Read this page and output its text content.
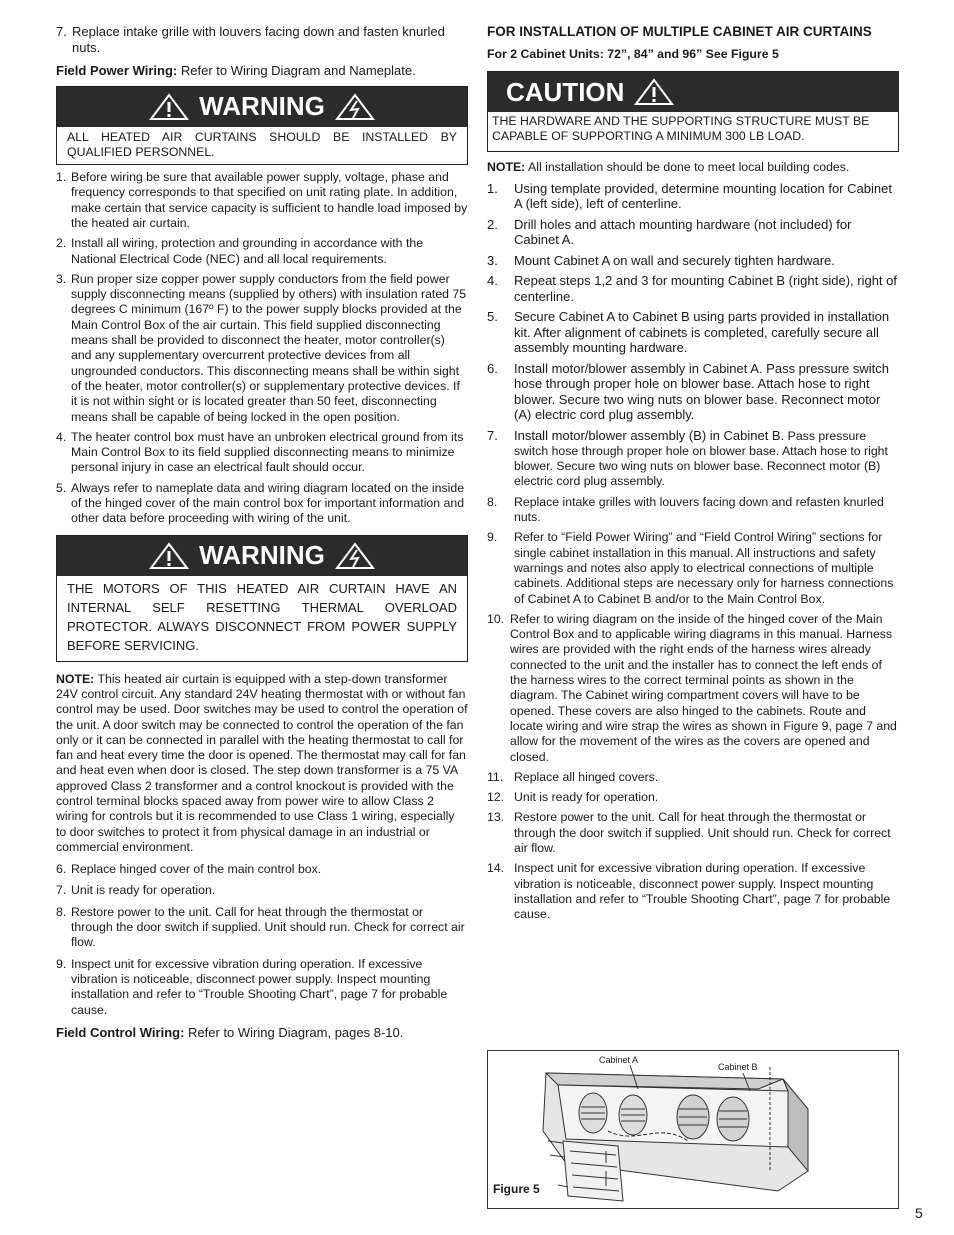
7. Replace intake grille with louvers facing down and fasten knurled nuts.

Field Power Wiring: Refer to Wiring Diagram and Nameplate.

WARNING

ALL HEATED AIR CURTAINS SHOULD BE INSTALLED BY QUALIFIED PERSONNEL.

1. Before wiring be sure that available power supply, voltage, phase and frequency corresponds to that specified on unit rating plate. In addition, make certain that service capacity is sufficient to handle load imposed by the heated air curtain.
2. Install all wiring, protection and grounding in accordance with the National Electrical Code (NEC) and all local requirements.
3. Run proper size copper power supply conductors from the field power supply disconnecting means (supplied by others) with insulation rated 75 degrees C minimum (167º F) to the power supply blocks provided at the Main Control Box of the air curtain. This field supplied disconnecting means shall be provided to disconnect the heater, motor controller(s) and any supplementary overcurrent protective devices from all ungrounded conductors. This disconnecting means shall be within sight of the heater, motor controller(s) or supplementary protective devices. If it is not within sight or is located greater than 50 feet, disconnecting means shall be capable of being locked in the open position.
4. The heater control box must have an unbroken electrical ground from its Main Control Box to its field supplied disconnecting means to minimize personal injury in case an electrical fault should occur.
5. Always refer to nameplate data and wiring diagram located on the inside of the hinged cover of the main control box for important information and other data before proceeding with wiring of the unit.
WARNING

THE MOTORS OF THIS HEATED AIR CURTAIN HAVE AN INTERNAL SELF RESETTING THERMAL OVERLOAD PROTECTOR. ALWAYS DISCONNECT FROM POWER SUPPLY BEFORE SERVICING.

NOTE: This heated air curtain is equipped with a step-down transformer 24V control circuit. Any standard 24V heating thermostat with or without fan control may be used. Door switches may be used to control the operation of the unit. A door switch may be connected to control the operation of the fan only or it can be connected in parallel with the heating thermostat to call for fan and heat every time the door is opened. The thermostat may call for fan and heat even when door is closed. The step down transformer is a 75 VA approved Class 2 transformer and a control knockout is provided with the control terminal blocks spaced away from power wire to allow Class 2 wiring for controls but it is recommended to use Class 1 wiring, especially to door switches to protect it from physical damage in an industrial or commercial environment.

6. Replace hinged cover of the main control box.
7. Unit is ready for operation.
8. Restore power to the unit. Call for heat through the thermostat or through the door switch if supplied. Unit should run. Check for correct air flow.
9. Inspect unit for excessive vibration during operation. If excessive vibration is noticeable, disconnect power supply. Inspect mounting installation and refer to “Trouble Shooting Chart”, page 7 for probable cause.

Field Control Wiring: Refer to Wiring Diagram, pages 8-10.

FOR INSTALLATION OF MULTIPLE CABINET AIR CURTAINS

For 2 Cabinet Units: 72”, 84” and 96” See Figure 5

CAUTION

THE HARDWARE AND THE SUPPORTING STRUCTURE MUST BE CAPABLE OF SUPPORTING A MINIMUM 300 LB LOAD.

NOTE: All installation should be done to meet local building codes.

1. Using template provided, determine mounting location for Cabinet A (left side), left of centerline.
2. Drill holes and attach mounting hardware (not included) for Cabinet A.
3. Mount Cabinet A on wall and securely tighten hardware.
4. Repeat steps 1,2 and 3 for mounting Cabinet B (right side), right of centerline.
5. Secure Cabinet A to Cabinet B using parts provided in installation kit. After alignment of cabinets is completed, carefully secure all assembly mounting hardware.
6. Install motor/blower assembly in Cabinet A. Pass pressure switch hose through proper hole on blower base. Attach hose to right blower. Secure two wing nuts on blower base. Reconnect motor (A) electric cord plug assembly.
7. Install motor/blower assembly (B) in Cabinet B. Pass pressure switch hose through proper hole on blower base. Attach hose to right blower. Secure two wing nuts on blower base. Reconnect motor (B) electric cord plug assembly.
8. Replace intake grilles with louvers facing down and refasten knurled nuts.
9. Refer to “Field Power Wiring” and “Field Control Wiring” sections for single cabinet installation in this manual. All instructions and safety warnings and notes also apply to electrical connections of multiple cabinets. Additional steps are necessary only for harness connections of Cabinet A to Cabinet B and/or to the Main Control Box.
10. Refer to wiring diagram on the inside of the hinged cover of the Main Control Box and to applicable wiring diagrams in this manual. Harness wires are provided with the right ends of the harness wires already connected to the unit and the installer has to connect the left ends of the harness wires to the correct terminal points as shown in the diagram. The Cabinet wiring compartment covers will have to be opened. These covers are also hinged to the cabinets. Route and locate wiring and wire strap the wires as shown in Figure 9, page 7 and allow for the movement of the wires as the covers are opened and closed.
11. Replace all hinged covers.
12. Unit is ready for operation.
13. Restore power to the unit. Call for heat through the thermostat or through the door switch if supplied. Unit should run. Check for correct air flow.
14. Inspect unit for excessive vibration during operation. If excessive vibration is noticeable, disconnect power supply. Inspect mounting installation and refer to “Trouble Shooting Chart”, page 7 for probable cause.
Cabinet A
Cabinet B
Figure 5
5
